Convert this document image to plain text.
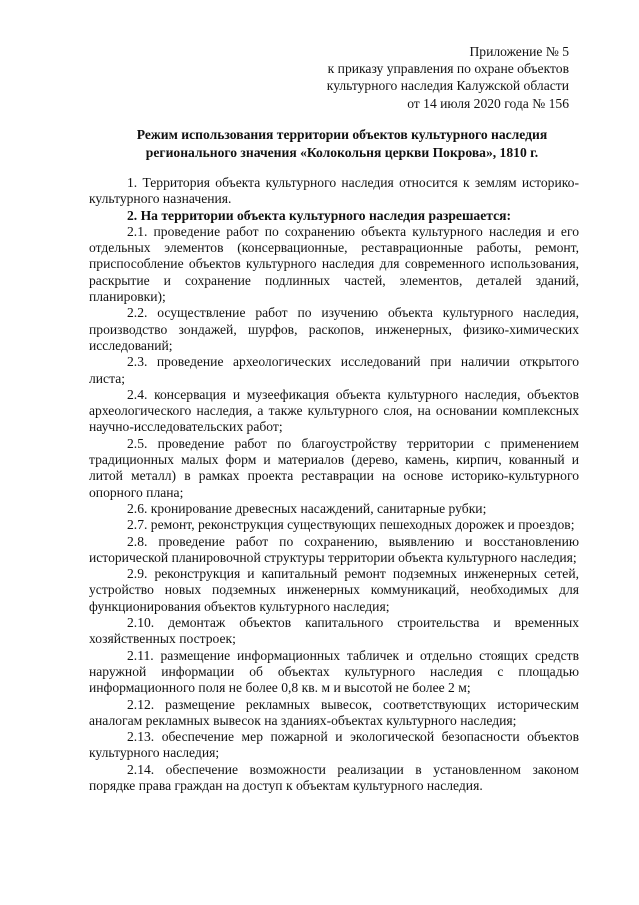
Приложение № 5
к приказу управления по охране объектов
культурного наследия Калужской области
от 14 июля 2020 года № 156
Режим использования территории объектов культурного наследия
регионального значения «Колокольня церкви Покрова», 1810 г.

1. Территория объекта культурного наследия относится к землям историко-культурного назначения.

2. На территории объекта культурного наследия разрешается:

2.1. проведение работ по сохранению объекта культурного наследия и его отдельных элементов (консервационные, реставрационные работы, ремонт, приспособление объектов культурного наследия для современного использования, раскрытие и сохранение подлинных частей, элементов, деталей зданий, планировки);

2.2. осуществление работ по изучению объекта культурного наследия, производство зондажей, шурфов, раскопов, инженерных, физико-химических исследований;

2.3. проведение археологических исследований при наличии открытого листа;

2.4. консервация и музеефикация объекта культурного наследия, объектов археологического наследия, а также культурного слоя, на основании комплексных научно-исследовательских работ;

2.5. проведение работ по благоустройству территории с применением традиционных малых форм и материалов (дерево, камень, кирпич, кованный и литой металл) в рамках проекта реставрации на основе историко-культурного опорного плана;

2.6. кронирование древесных насаждений, санитарные рубки;

2.7. ремонт, реконструкция существующих пешеходных дорожек и проездов;

2.8. проведение работ по сохранению, выявлению и восстановлению исторической планировочной структуры территории объекта культурного наследия;

2.9. реконструкция и капитальный ремонт подземных инженерных сетей, устройство новых подземных инженерных коммуникаций, необходимых для функционирования объектов культурного наследия;

2.10. демонтаж объектов капитального строительства и временных хозяйственных построек;

2.11. размещение информационных табличек и отдельно стоящих средств наружной информации об объектах культурного наследия с площадью информационного поля не более 0,8 кв. м и высотой не более 2 м;

2.12. размещение рекламных вывесок, соответствующих историческим аналогам рекламных вывесок на зданиях-объектах культурного наследия;

2.13. обеспечение мер пожарной и экологической безопасности объектов культурного наследия;

2.14. обеспечение возможности реализации в установленном законом порядке права граждан на доступ к объектам культурного наследия.
